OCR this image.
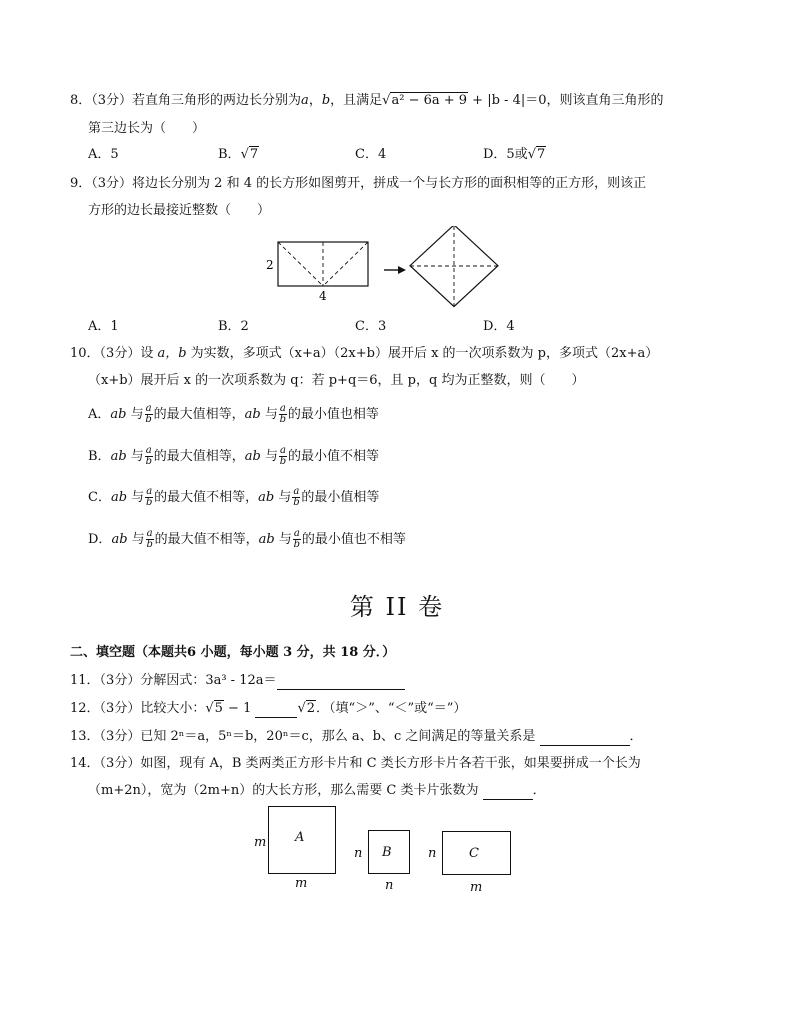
8．（3分）若直角三角形的两边长分别为a，b，且满足√a² − 6a + 9 + |b - 4|＝0，则该直角三角形的
第三边长为（　　）
A．5	B．√7	C．4	D．5或√7
9．（3分）将边长分别为 2 和 4 的长方形如图剪开，拼成一个与长方形的面积相等的正方形，则该正
方形的边长最接近整数（　　）
2
4
A．1	B．2	C．3	D．4
10．（3分）设 a，b 为实数，多项式（x+a）（2x+b）展开后 x 的一次项系数为 p，多项式（2x+a）
（x+b）展开后 x 的一次项系数为 q：若 p+q＝6，且 p，q 均为正整数，则（　　）
A．ab 与 $\frac{a}{b}$ 的最大值相等，ab 与 $\frac{a}{b}$ 的最小值也相等
B．ab 与 $\frac{a}{b}$ 的最大值相等，ab 与 $\frac{a}{b}$ 的最小值不相等
C．ab 与 $\frac{a}{b}$ 的最大值不相等，ab 与 $\frac{a}{b}$ 的最小值相等
D．ab 与 $\frac{a}{b}$ 的最大值不相等，ab 与 $\frac{a}{b}$ 的最小值也不相等
第 II 卷
二、填空题（本题共6 小题，每小题 3 分，共 18 分．）
11．（3分）分解因式：3a³ - 12a＝
12．（3分）比较大小：√5 − 1	√2．（填“＞”、“＜”或“＝”）
13．（3分）已知 2ⁿ＝a，5ⁿ＝b，20ⁿ＝c，那么 a、b、c 之间满足的等量关系是	．
14．（3分）如图，现有 A，B 类两类正方形卡片和 C 类长方形卡片各若干张，如果要拼成一个长为
（m+2n），宽为（2m+n）的大长方形，那么需要 C 类卡片张数为	．
A
m
m
B
n
n
C
n
m
